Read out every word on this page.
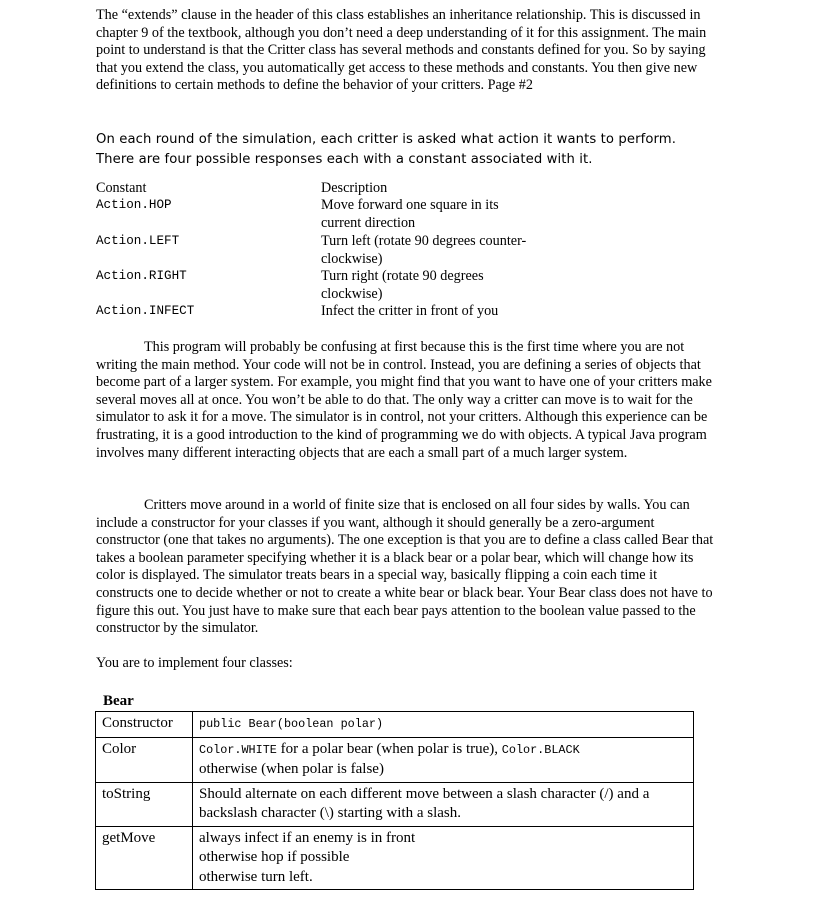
The “extends” clause in the header of this class establishes an inheritance relationship. This is discussed in chapter 9 of the textbook, although you don’t need a deep understanding of it for this assignment. The main point to understand is that the Critter class has several methods and constants defined for you. So by saying that you extend the class, you automatically get access to these methods and constants. You then give new definitions to certain methods to define the behavior of your critters. Page #2
On each round of the simulation, each critter is asked what action it wants to perform. There are four possible responses each with a constant associated with it.
Constant	Description
Action.HOP	Move forward one square in its current direction
Action.LEFT	Turn left (rotate 90 degrees counter-clockwise)
Action.RIGHT	Turn right (rotate 90 degrees clockwise)
Action.INFECT	Infect the critter in front of you
This program will probably be confusing at first because this is the first time where you are not writing the main method. Your code will not be in control. Instead, you are defining a series of objects that become part of a larger system. For example, you might find that you want to have one of your critters make several moves all at once. You won’t be able to do that. The only way a critter can move is to wait for the simulator to ask it for a move. The simulator is in control, not your critters. Although this experience can be frustrating, it is a good introduction to the kind of programming we do with objects. A typical Java program involves many different interacting objects that are each a small part of a much larger system.
Critters move around in a world of finite size that is enclosed on all four sides by walls. You can include a constructor for your classes if you want, although it should generally be a zero-argument constructor (one that takes no arguments). The one exception is that you are to define a class called Bear that takes a boolean parameter specifying whether it is a black bear or a polar bear, which will change how its color is displayed. The simulator treats bears in a special way, basically flipping a coin each time it constructs one to decide whether or not to create a white bear or black bear. Your Bear class does not have to figure this out. You just have to make sure that each bear pays attention to the boolean value passed to the constructor by the simulator.
You are to implement four classes:
Bear
Constructor	public Bear(boolean polar)
Color	Color.WHITE for a polar bear (when polar is true), Color.BLACK
otherwise (when polar is false)
toString	Should alternate on each different move between a slash character (/) and a backslash character (\) starting with a slash.
getMove	always infect if an enemy is in front
otherwise hop if possible
otherwise turn left.
